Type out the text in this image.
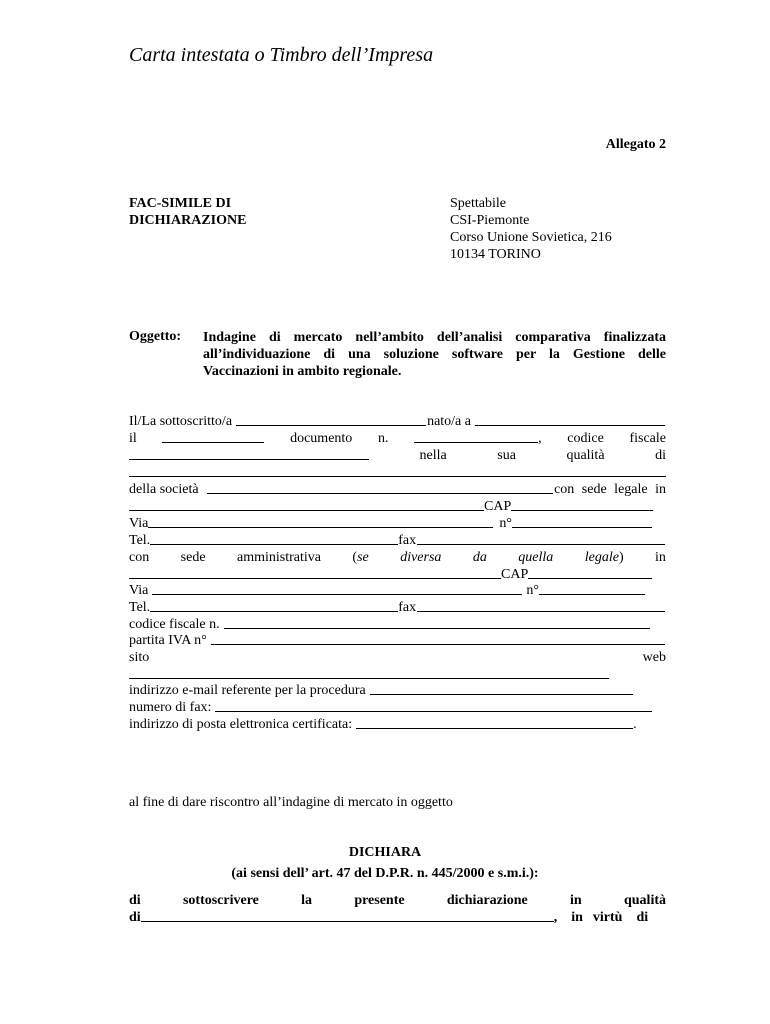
Carta intestata o Timbro dell’Impresa
Allegato 2
FAC-SIMILE DI
DICHIARAZIONE
Spettabile
CSI-Piemonte
Corso Unione Sovietica, 216
10134 TORINO
Oggetto: Indagine di mercato nell’ambito dell’analisi comparativa finalizzata all’individuazione di una soluzione software per la Gestione delle Vaccinazioni in ambito regionale.
Il/La sottoscritto/a	nato/a a
il	documento n.	, codice fiscale
nella	sua	qualità	di
della società	con sede legale in
CAP
Via	n°
Tel.	fax
con sede amministrativa (se diversa da quella legale) in
CAP
Via	n°
Tel.	fax
codice fiscale n.
partita IVA n°
sito	web
indirizzo e-mail referente per la procedura
numero di fax:
indirizzo di posta elettronica certificata:	.
al fine di dare riscontro all’indagine di mercato in oggetto
DICHIARA
(ai sensi dell’ art. 47 del D.P.R. n. 445/2000 e s.m.i.):
di	sottoscrivere	la	presente	dichiarazione	in	qualità
di	, in virtù di
